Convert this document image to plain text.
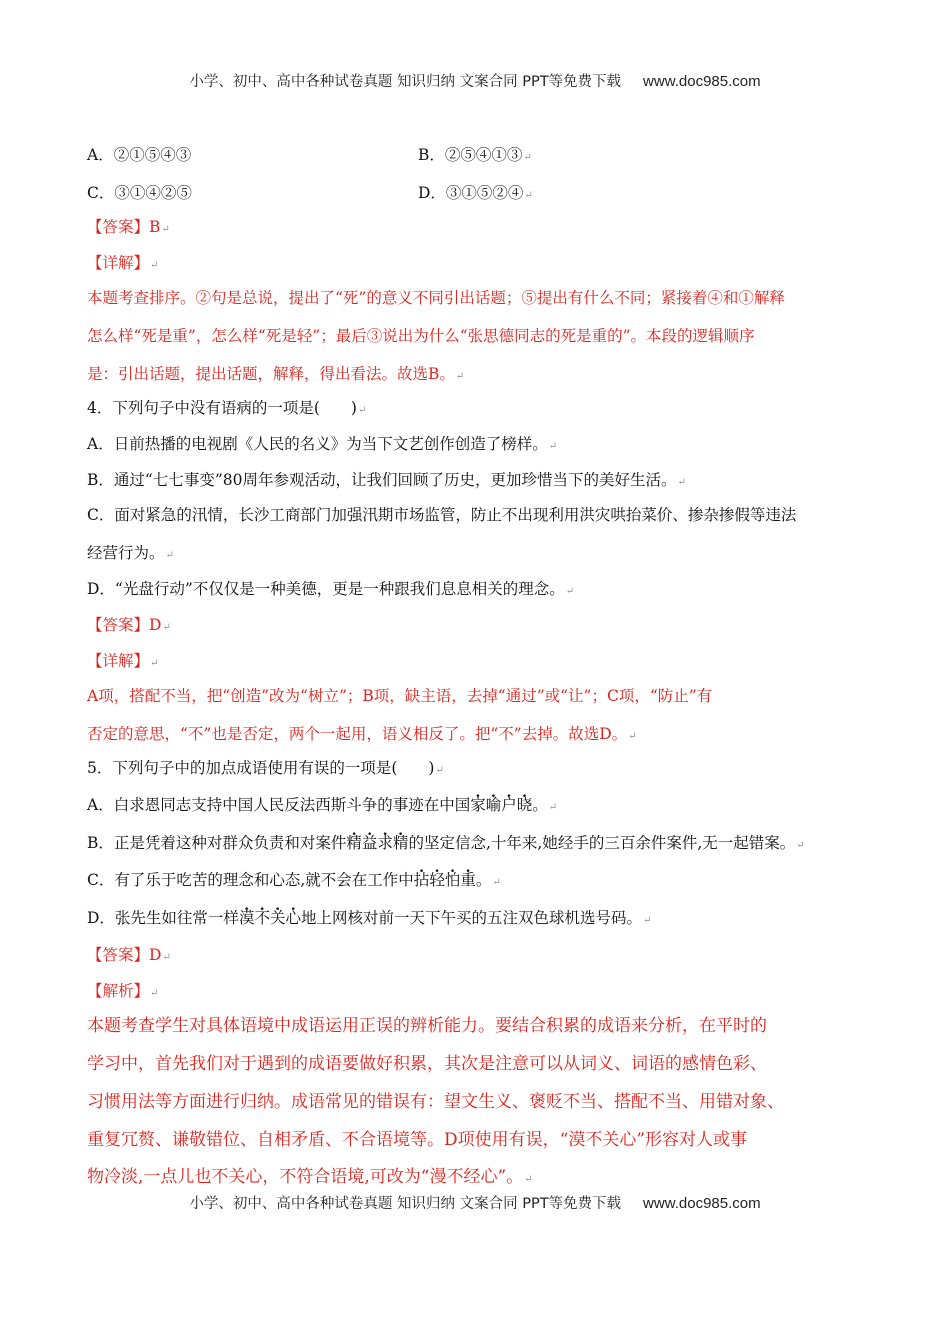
小学、初中、高中各种试卷真题 知识归纳 文案合同 PPT等免费下载 www.doc985.com
A．②①⑤④③	B．②⑤④①③↵
C．③①④②⑤	D．③①⑤②④↵
【答案】B↵
【详解】↵
本题考查排序。②句是总说，提出了“死”的意义不同引出话题；⑤提出有什么不同；紧接着④和①解释
怎么样“死是重”，怎么样“死是轻”；最后③说出为什么“张思德同志的死是重的”。本段的逻辑顺序
是：引出话题，提出话题，解释，得出看法。故选B。↵
4．下列句子中没有语病的一项是(　　)↵
A．日前热播的电视剧《人民的名义》为当下文艺创作创造了榜样。↵
B．通过“七七事变”80周年参观活动，让我们回顾了历史，更加珍惜当下的美好生活。↵
C．面对紧急的汛情，长沙工商部门加强汛期市场监管，防止不出现利用洪灾哄抬菜价、掺杂掺假等违法
经营行为。↵
D．“光盘行动”不仅仅是一种美德，更是一种跟我们息息相关的理念。↵
【答案】D↵
【详解】↵
A项，搭配不当，把“创造”改为“树立”；B项，缺主语，去掉“通过”或“让”；C项，“防止”有
否定的意思，“不”也是否定，两个一起用，语义相反了。把“不”去掉。故选D。↵
5．下列句子中的加点成语使用有误的一项是(　　)↵
A．白求恩同志支持中国人民反法西斯斗争的事迹在中国家喻户晓。↵
B．正是凭着这种对群众负责和对案件精益求精的坚定信念,十年来,她经手的三百余件案件,无一起错案。↵
C．有了乐于吃苦的理念和心态,就不会在工作中拈轻怕重。↵
D．张先生如往常一样漠不关心地上网核对前一天下午买的五注双色球机选号码。↵
【答案】D↵
【解析】↵
本题考查学生对具体语境中成语运用正误的辨析能力。要结合积累的成语来分析，在平时的
学习中，首先我们对于遇到的成语要做好积累，其次是注意可以从词义、词语的感情色彩、
习惯用法等方面进行归纳。成语常见的错误有：望文生义、褒贬不当、搭配不当、用错对象、
重复冗赘、谦敬错位、自相矛盾、不合语境等。D项使用有误，“漠不关心”形容对人或事
物冷淡,一点儿也不关心，不符合语境,可改为“漫不经心”。↵
小学、初中、高中各种试卷真题 知识归纳 文案合同 PPT等免费下载 www.doc985.com
